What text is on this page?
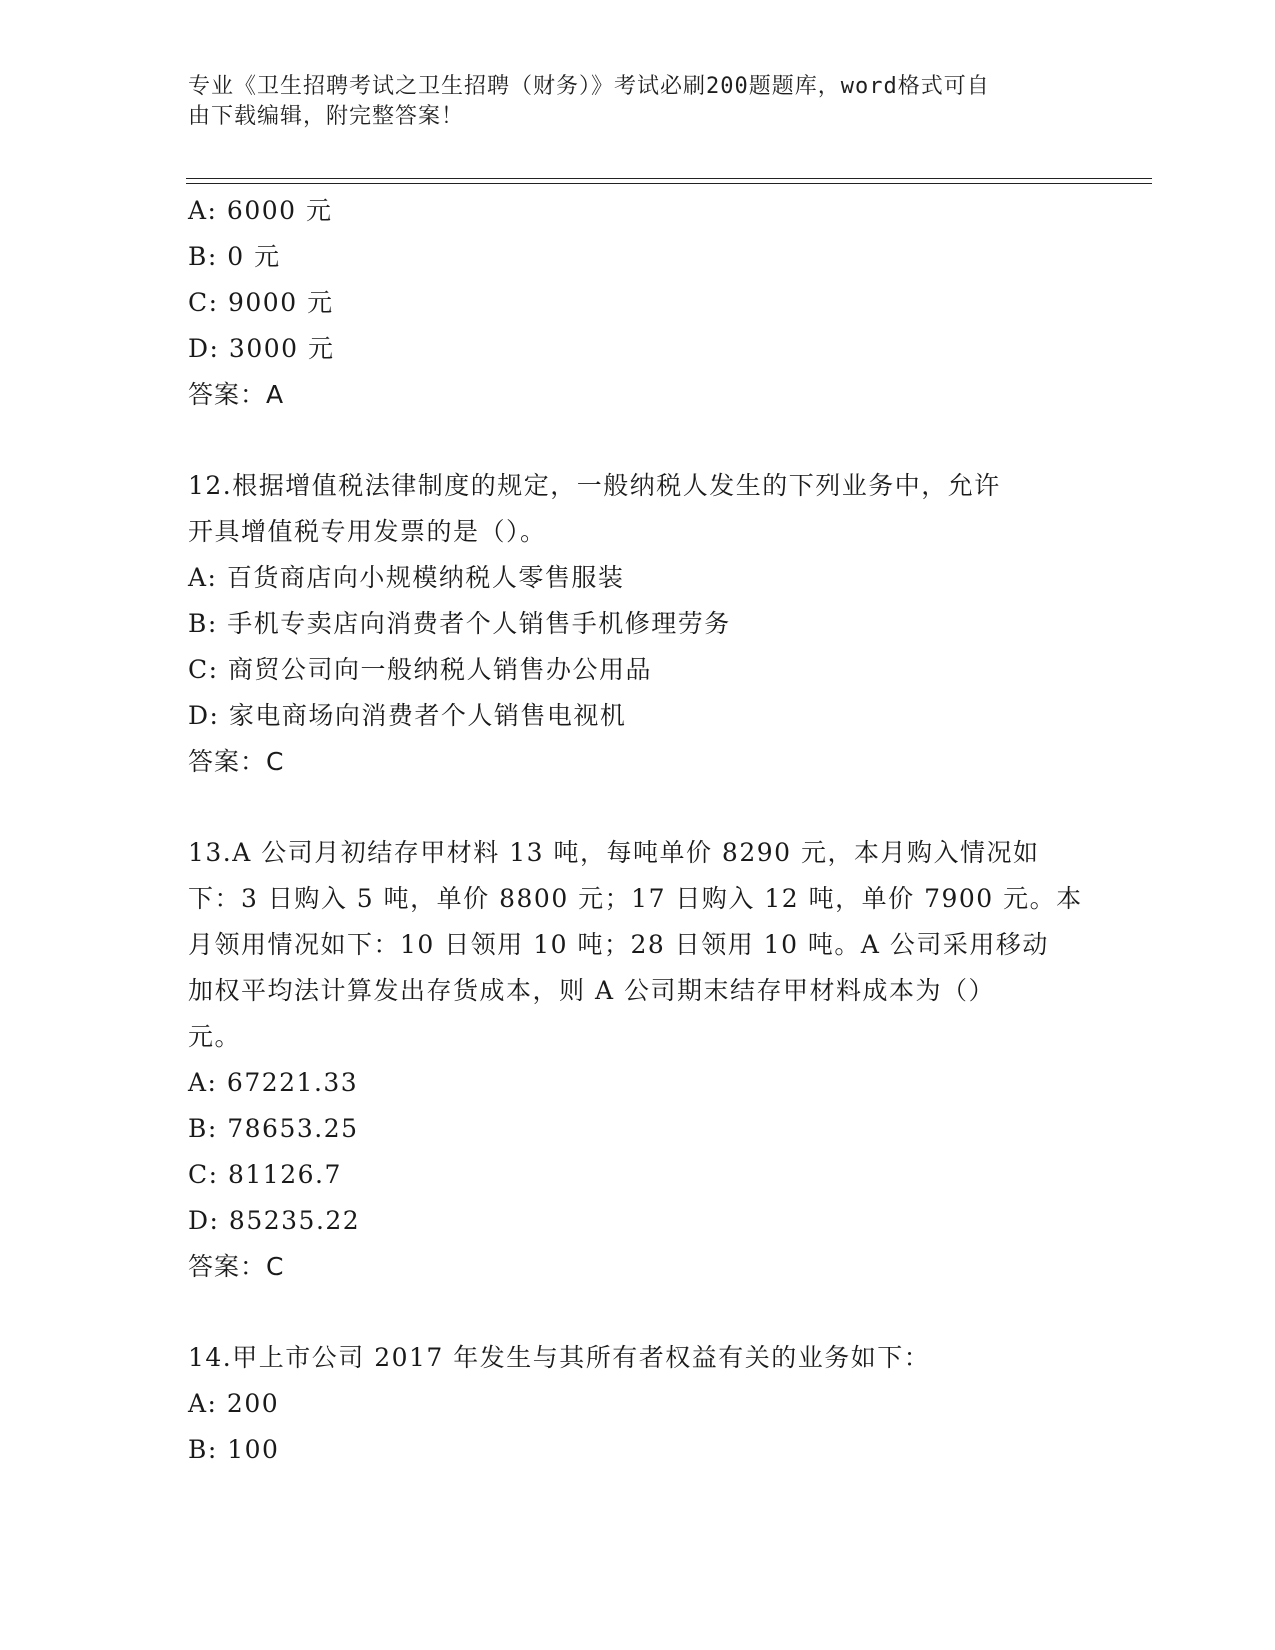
专业《卫生招聘考试之卫生招聘（财务）》考试必刷200题题库，word格式可自
由下载编辑，附完整答案！
A: 6000 元
B: 0 元
C: 9000 元
D: 3000 元
答案：A
12.根据增值税法律制度的规定，一般纳税人发生的下列业务中，允许
开具增值税专用发票的是（）。
A: 百货商店向小规模纳税人零售服装
B: 手机专卖店向消费者个人销售手机修理劳务
C: 商贸公司向一般纳税人销售办公用品
D: 家电商场向消费者个人销售电视机
答案：C
13.A 公司月初结存甲材料 13 吨，每吨单价 8290 元，本月购入情况如
下：3 日购入 5 吨，单价 8800 元；17 日购入 12 吨，单价 7900 元。本
月领用情况如下：10 日领用 10 吨；28 日领用 10 吨。A 公司采用移动
加权平均法计算发出存货成本，则 A 公司期末结存甲材料成本为（）
元。
A: 67221.33
B: 78653.25
C: 81126.7
D: 85235.22
答案：C
14.甲上市公司 2017 年发生与其所有者权益有关的业务如下：
A: 200
B: 100
